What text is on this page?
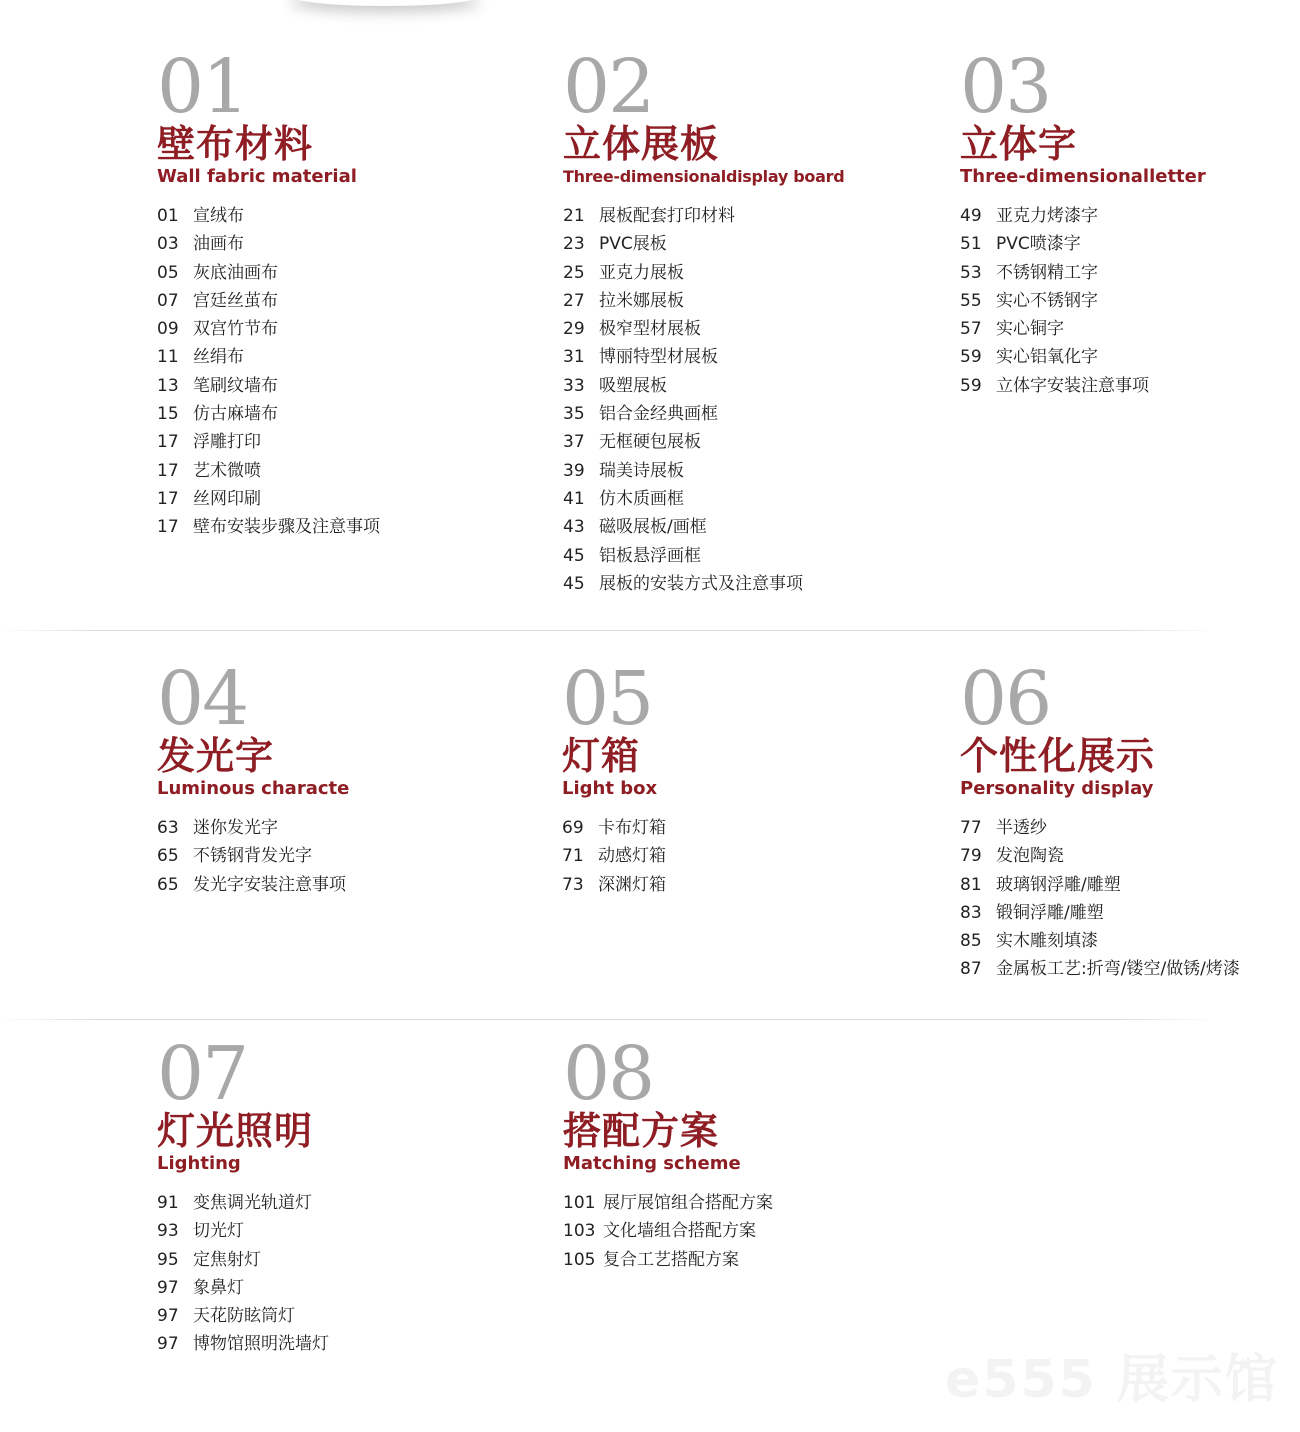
01
壁布材料
Wall fabric material
01 宣绒布
03 油画布
05 灰底油画布
07 宫廷丝茧布
09 双宫竹节布
11 丝绢布
13 笔刷纹墙布
15 仿古麻墙布
17 浮雕打印
17 艺术微喷
17 丝网印刷
17 壁布安装步骤及注意事项
02
立体展板
Three-dimensionaldisplay board
21 展板配套打印材料
23 PVC展板
25 亚克力展板
27 拉米娜展板
29 极窄型材展板
31 博丽特型材展板
33 吸塑展板
35 铝合金经典画框
37 无框硬包展板
39 瑞美诗展板
41 仿木质画框
43 磁吸展板/画框
45 铝板悬浮画框
45 展板的安装方式及注意事项
03
立体字
Three-dimensionalletter
49 亚克力烤漆字
51 PVC喷漆字
53 不锈钢精工字
55 实心不锈钢字
57 实心铜字
59 实心铝氧化字
59 立体字安装注意事项
04
发光字
Luminous characte
63 迷你发光字
65 不锈钢背发光字
65 发光字安装注意事项
05
灯箱
Light box
69 卡布灯箱
71 动感灯箱
73 深渊灯箱
06
个性化展示
Personality display
77 半透纱
79 发泡陶瓷
81 玻璃钢浮雕/雕塑
83 锻铜浮雕/雕塑
85 实木雕刻填漆
87 金属板工艺:折弯/镂空/做锈/烤漆
07
灯光照明
Lighting
91 变焦调光轨道灯
93 切光灯
95 定焦射灯
97 象鼻灯
97 天花防眩筒灯
97 博物馆照明洗墙灯
08
搭配方案
Matching scheme
101 展厅展馆组合搭配方案
103 文化墙组合搭配方案
105 复合工艺搭配方案
e555 展示馆
